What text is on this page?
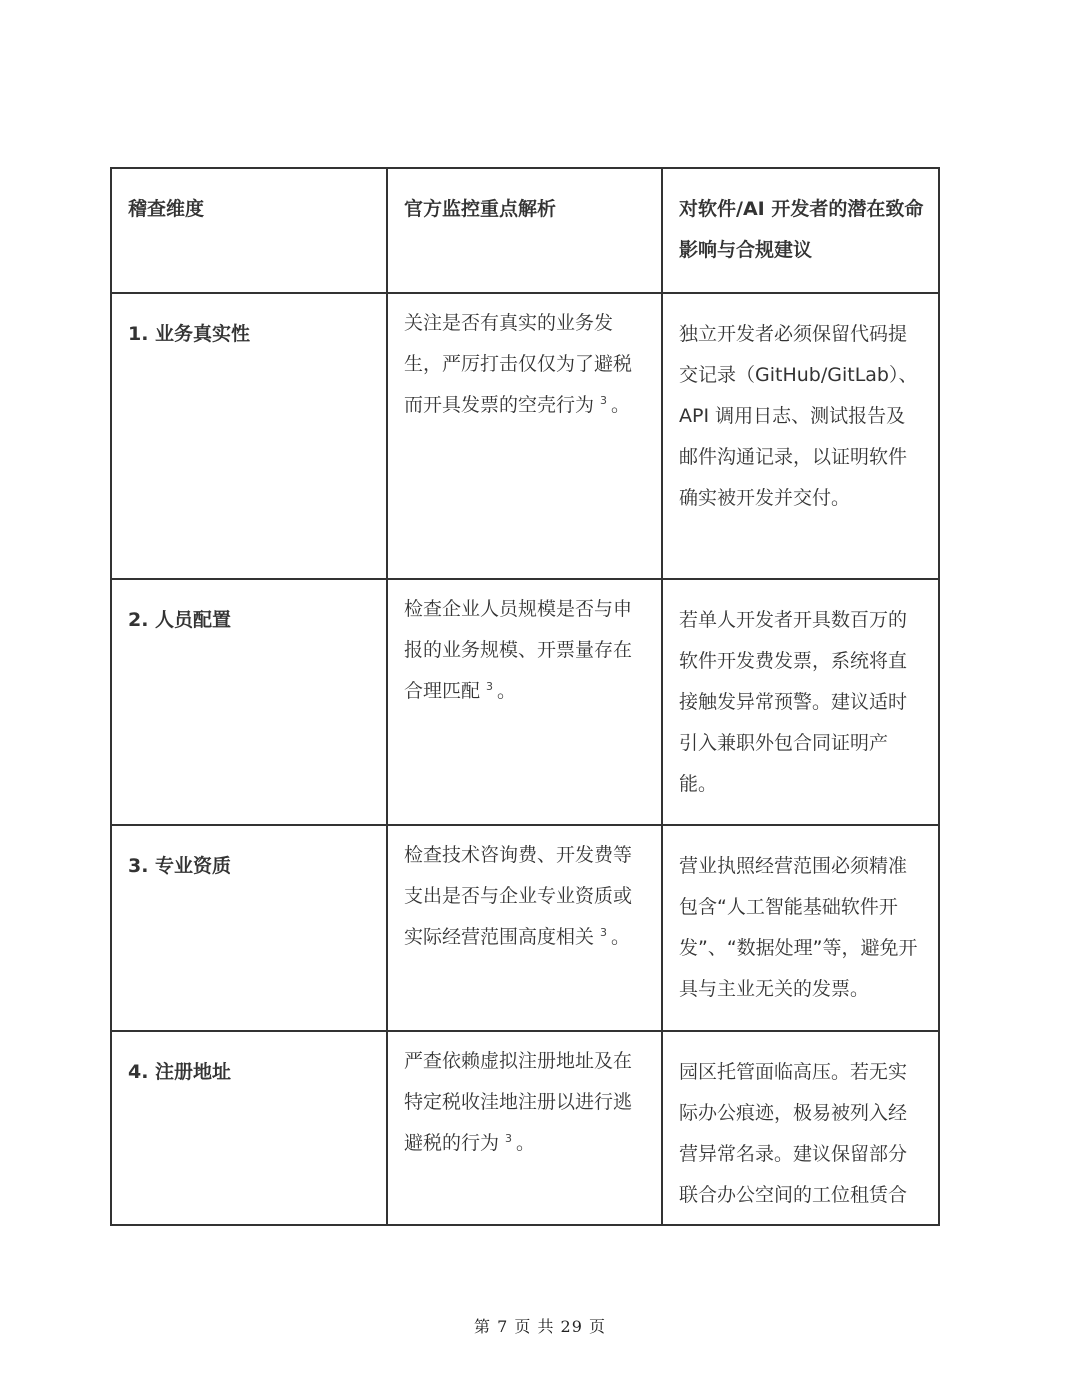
稽查维度	官方监控重点解析	对软件/AI 开发者的潜在致命影响与合规建议
1. 业务真实性	关注是否有真实的业务发生，严厉打击仅仅为了避税而开具发票的空壳行为 $^3$ 。	独立开发者必须保留代码提交记录（GitHub/GitLab）、API 调用日志、测试报告及邮件沟通记录，以证明软件确实被开发并交付。
2. 人员配置	检查企业人员规模是否与申报的业务规模、开票量存在合理匹配 $^3$ 。	若单人开发者开具数百万的软件开发费发票，系统将直接触发异常预警。建议适时引入兼职外包合同证明产能。
3. 专业资质	检查技术咨询费、开发费等支出是否与企业专业资质或实际经营范围高度相关 $^3$ 。	营业执照经营范围必须精准包含“人工智能基础软件开发”、“数据处理”等，避免开具与主业无关的发票。
4. 注册地址	严查依赖虚拟注册地址及在特定税收洼地注册以进行逃避税的行为 $^3$ 。	园区托管面临高压。若无实际办公痕迹，极易被列入经营异常名录。建议保留部分联合办公空间的工位租赁合
第 7 页 共 29 页
